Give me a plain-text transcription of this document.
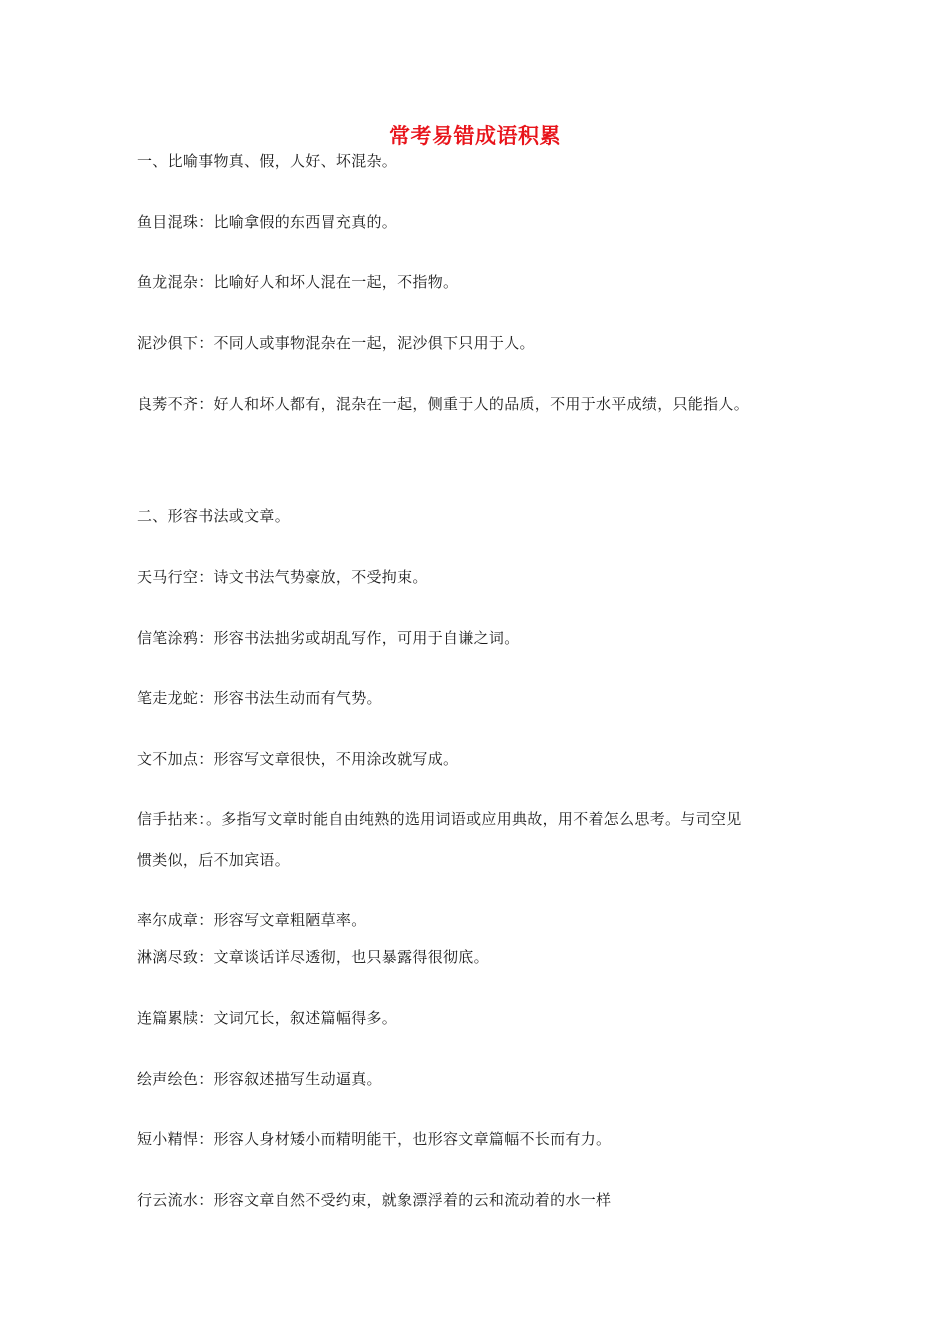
常考易错成语积累
一、比喻事物真、假，人好、坏混杂。
鱼目混珠：比喻拿假的东西冒充真的。
鱼龙混杂：比喻好人和坏人混在一起，不指物。
泥沙俱下：不同人或事物混杂在一起，泥沙俱下只用于人。
良莠不齐：好人和坏人都有，混杂在一起，侧重于人的品质，不用于水平成绩，只能指人。
二、形容书法或文章。
天马行空：诗文书法气势豪放，不受拘束。
信笔涂鸦：形容书法拙劣或胡乱写作，可用于自谦之词。
笔走龙蛇：形容书法生动而有气势。
文不加点：形容写文章很快，不用涂改就写成。
信手拈来：。多指写文章时能自由纯熟的选用词语或应用典故，用不着怎么思考。与司空见
惯类似，后不加宾语。
率尔成章：形容写文章粗陋草率。
淋漓尽致：文章谈话详尽透彻，也只暴露得很彻底。
连篇累牍：文词冗长，叙述篇幅得多。
绘声绘色：形容叙述描写生动逼真。
短小精悍：形容人身材矮小而精明能干，也形容文章篇幅不长而有力。
行云流水：形容文章自然不受约束，就象漂浮着的云和流动着的水一样
